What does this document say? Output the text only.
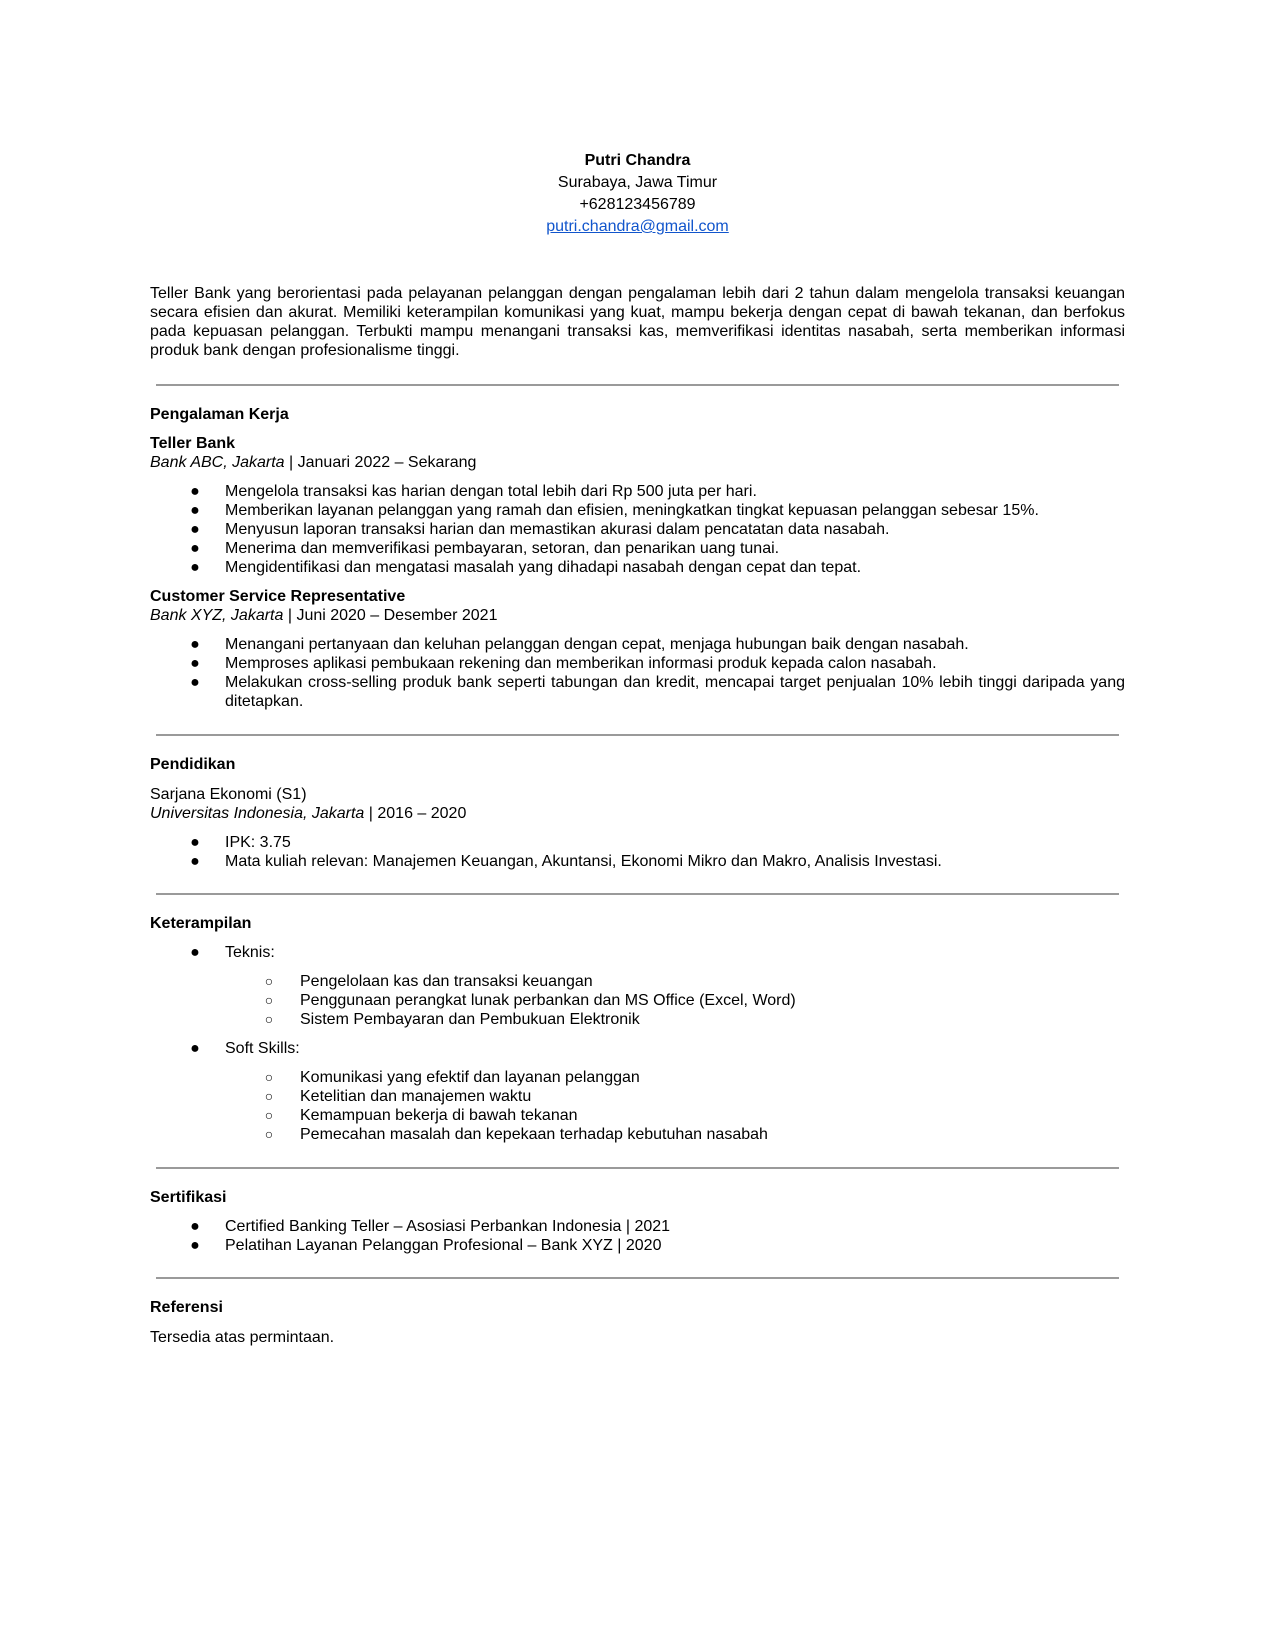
Putri Chandra
Surabaya, Jawa Timur
+628123456789
putri.chandra@gmail.com

Teller Bank yang berorientasi pada pelayanan pelanggan dengan pengalaman lebih dari 2 tahun dalam mengelola transaksi keuangan secara efisien dan akurat. Memiliki keterampilan komunikasi yang kuat, mampu bekerja dengan cepat di bawah tekanan, dan berfokus pada kepuasan pelanggan. Terbukti mampu menangani transaksi kas, memverifikasi identitas nasabah, serta memberikan informasi produk bank dengan profesionalisme tinggi.

Pengalaman Kerja
Teller Bank
Bank ABC, Jakarta | Januari 2022 – Sekarang
● Mengelola transaksi kas harian dengan total lebih dari Rp 500 juta per hari.
● Memberikan layanan pelanggan yang ramah dan efisien, meningkatkan tingkat kepuasan pelanggan sebesar 15%.
● Menyusun laporan transaksi harian dan memastikan akurasi dalam pencatatan data nasabah.
● Menerima dan memverifikasi pembayaran, setoran, dan penarikan uang tunai.
● Mengidentifikasi dan mengatasi masalah yang dihadapi nasabah dengan cepat dan tepat.
Customer Service Representative
Bank XYZ, Jakarta | Juni 2020 – Desember 2021
● Menangani pertanyaan dan keluhan pelanggan dengan cepat, menjaga hubungan baik dengan nasabah.
● Memproses aplikasi pembukaan rekening dan memberikan informasi produk kepada calon nasabah.
● Melakukan cross-selling produk bank seperti tabungan dan kredit, mencapai target penjualan 10% lebih tinggi daripada yang ditetapkan.
Pendidikan
Sarjana Ekonomi (S1)
Universitas Indonesia, Jakarta | 2016 – 2020
● IPK: 3.75
● Mata kuliah relevan: Manajemen Keuangan, Akuntansi, Ekonomi Mikro dan Makro, Analisis Investasi.
Keterampilan
● Teknis:
○ Pengelolaan kas dan transaksi keuangan
○ Penggunaan perangkat lunak perbankan dan MS Office (Excel, Word)
○ Sistem Pembayaran dan Pembukuan Elektronik
● Soft Skills:
○ Komunikasi yang efektif dan layanan pelanggan
○ Ketelitian dan manajemen waktu
○ Kemampuan bekerja di bawah tekanan
○ Pemecahan masalah dan kepekaan terhadap kebutuhan nasabah
Sertifikasi
● Certified Banking Teller – Asosiasi Perbankan Indonesia | 2021
● Pelatihan Layanan Pelanggan Profesional – Bank XYZ | 2020
Referensi
Tersedia atas permintaan.
